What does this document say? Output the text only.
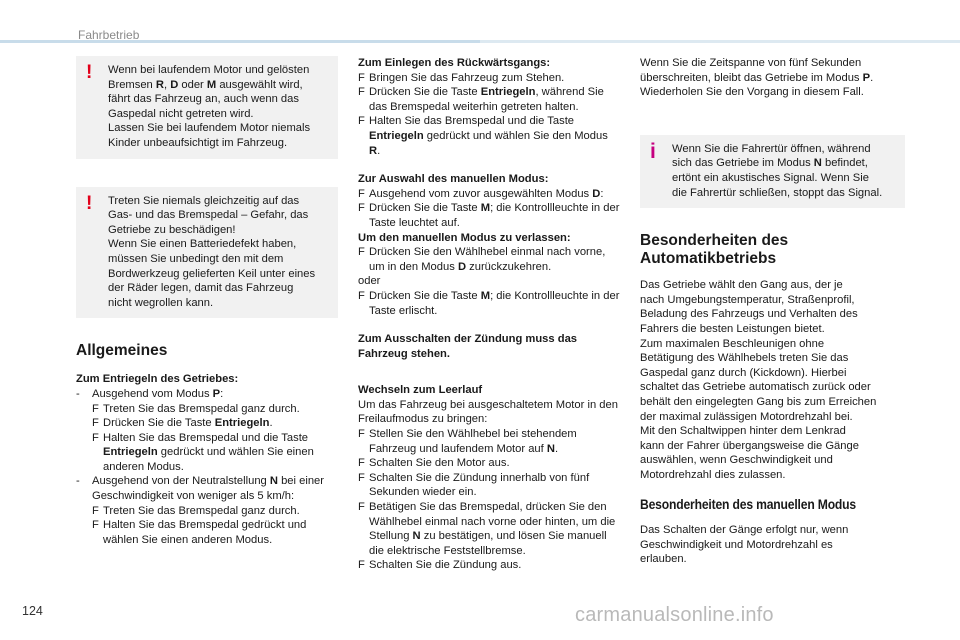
Fahrbetrieb
!	Wenn bei laufendem Motor und gelösten

Bremsen R, D oder M ausgewählt wird,

fährt das Fahrzeug an, auch wenn das

Gaspedal nicht getreten wird.

Lassen Sie bei laufendem Motor niemals

Kinder unbeaufsichtigt im Fahrzeug.

!	Treten Sie niemals gleichzeitig auf das

Gas- und das Bremspedal – Gefahr, das

Getriebe zu beschädigen!

Wenn Sie einen Batteriedefekt haben,

müssen Sie unbedingt den mit dem

Bordwerkzeug gelieferten Keil unter eines

der Räder legen, damit das Fahrzeug

nicht wegrollen kann.

Allgemeines

Zum Entriegeln des Getriebes:

-	Ausgehend vom Modus P:
F Treten Sie das Bremspedal ganz durch.
F Drücken Sie die Taste Entriegeln.
F Halten Sie das Bremspedal und die Taste Entriegeln gedrückt und wählen Sie einen anderen Modus.
-	Ausgehend von der Neutralstellung N bei einer Geschwindigkeit von weniger als 5 km/h:
F Treten Sie das Bremspedal ganz durch.
F Halten Sie das Bremspedal gedrückt und wählen Sie einen anderen Modus.

Zum Einlegen des Rückwärtsgangs:

F Bringen Sie das Fahrzeug zum Stehen.
F Drücken Sie die Taste Entriegeln, während Sie das Bremspedal weiterhin getreten halten.
F Halten Sie das Bremspedal und die Taste Entriegeln gedrückt und wählen Sie den Modus R.

Zur Auswahl des manuellen Modus:

F Ausgehend vom zuvor ausgewählten Modus D:
F Drücken Sie die Taste M; die Kontrollleuchte in der Taste leuchtet auf.

Um den manuellen Modus zu verlassen:

F Drücken Sie den Wählhebel einmal nach vorne, um in den Modus D zurückzukehren.

oder

F Drücken Sie die Taste M; die Kontrollleuchte in der Taste erlischt.

Zum Ausschalten der Zündung muss das Fahrzeug stehen.

Wechseln zum Leerlauf

Um das Fahrzeug bei ausgeschaltetem Motor in den Freilaufmodus zu bringen:

F Stellen Sie den Wählhebel bei stehendem Fahrzeug und laufendem Motor auf N.
F Schalten Sie den Motor aus.
F Schalten Sie die Zündung innerhalb von fünf Sekunden wieder ein.
F Betätigen Sie das Bremspedal, drücken Sie den Wählhebel einmal nach vorne oder hinten, um die Stellung N zu bestätigen, und lösen Sie manuell die elektrische Feststellbremse.
F Schalten Sie die Zündung aus.

Wenn Sie die Zeitspanne von fünf Sekunden überschreiten, bleibt das Getriebe im Modus P. Wiederholen Sie den Vorgang in diesem Fall.

i	Wenn Sie die Fahrertür öffnen, während

sich das Getriebe im Modus N befindet,

ertönt ein akustisches Signal. Wenn Sie

die Fahrertür schließen, stoppt das Signal.

Besonderheiten des
Automatikbetriebs

Das Getriebe wählt den Gang aus, der je

nach Umgebungstemperatur, Straßenprofil,

Beladung des Fahrzeugs und Verhalten des

Fahrers die besten Leistungen bietet.

Zum maximalen Beschleunigen ohne

Betätigung des Wählhebels treten Sie das

Gaspedal ganz durch (Kickdown). Hierbei

schaltet das Getriebe automatisch zurück oder

behält den eingelegten Gang bis zum Erreichen

der maximal zulässigen Motordrehzahl bei.

Mit den Schaltwippen hinter dem Lenkrad

kann der Fahrer übergangsweise die Gänge

auswählen, wenn Geschwindigkeit und

Motordrehzahl dies zulassen.

Besonderheiten des manuellen Modus

Das Schalten der Gänge erfolgt nur, wenn

Geschwindigkeit und Motordrehzahl es

erlauben.

124	carmanualsonline.info
